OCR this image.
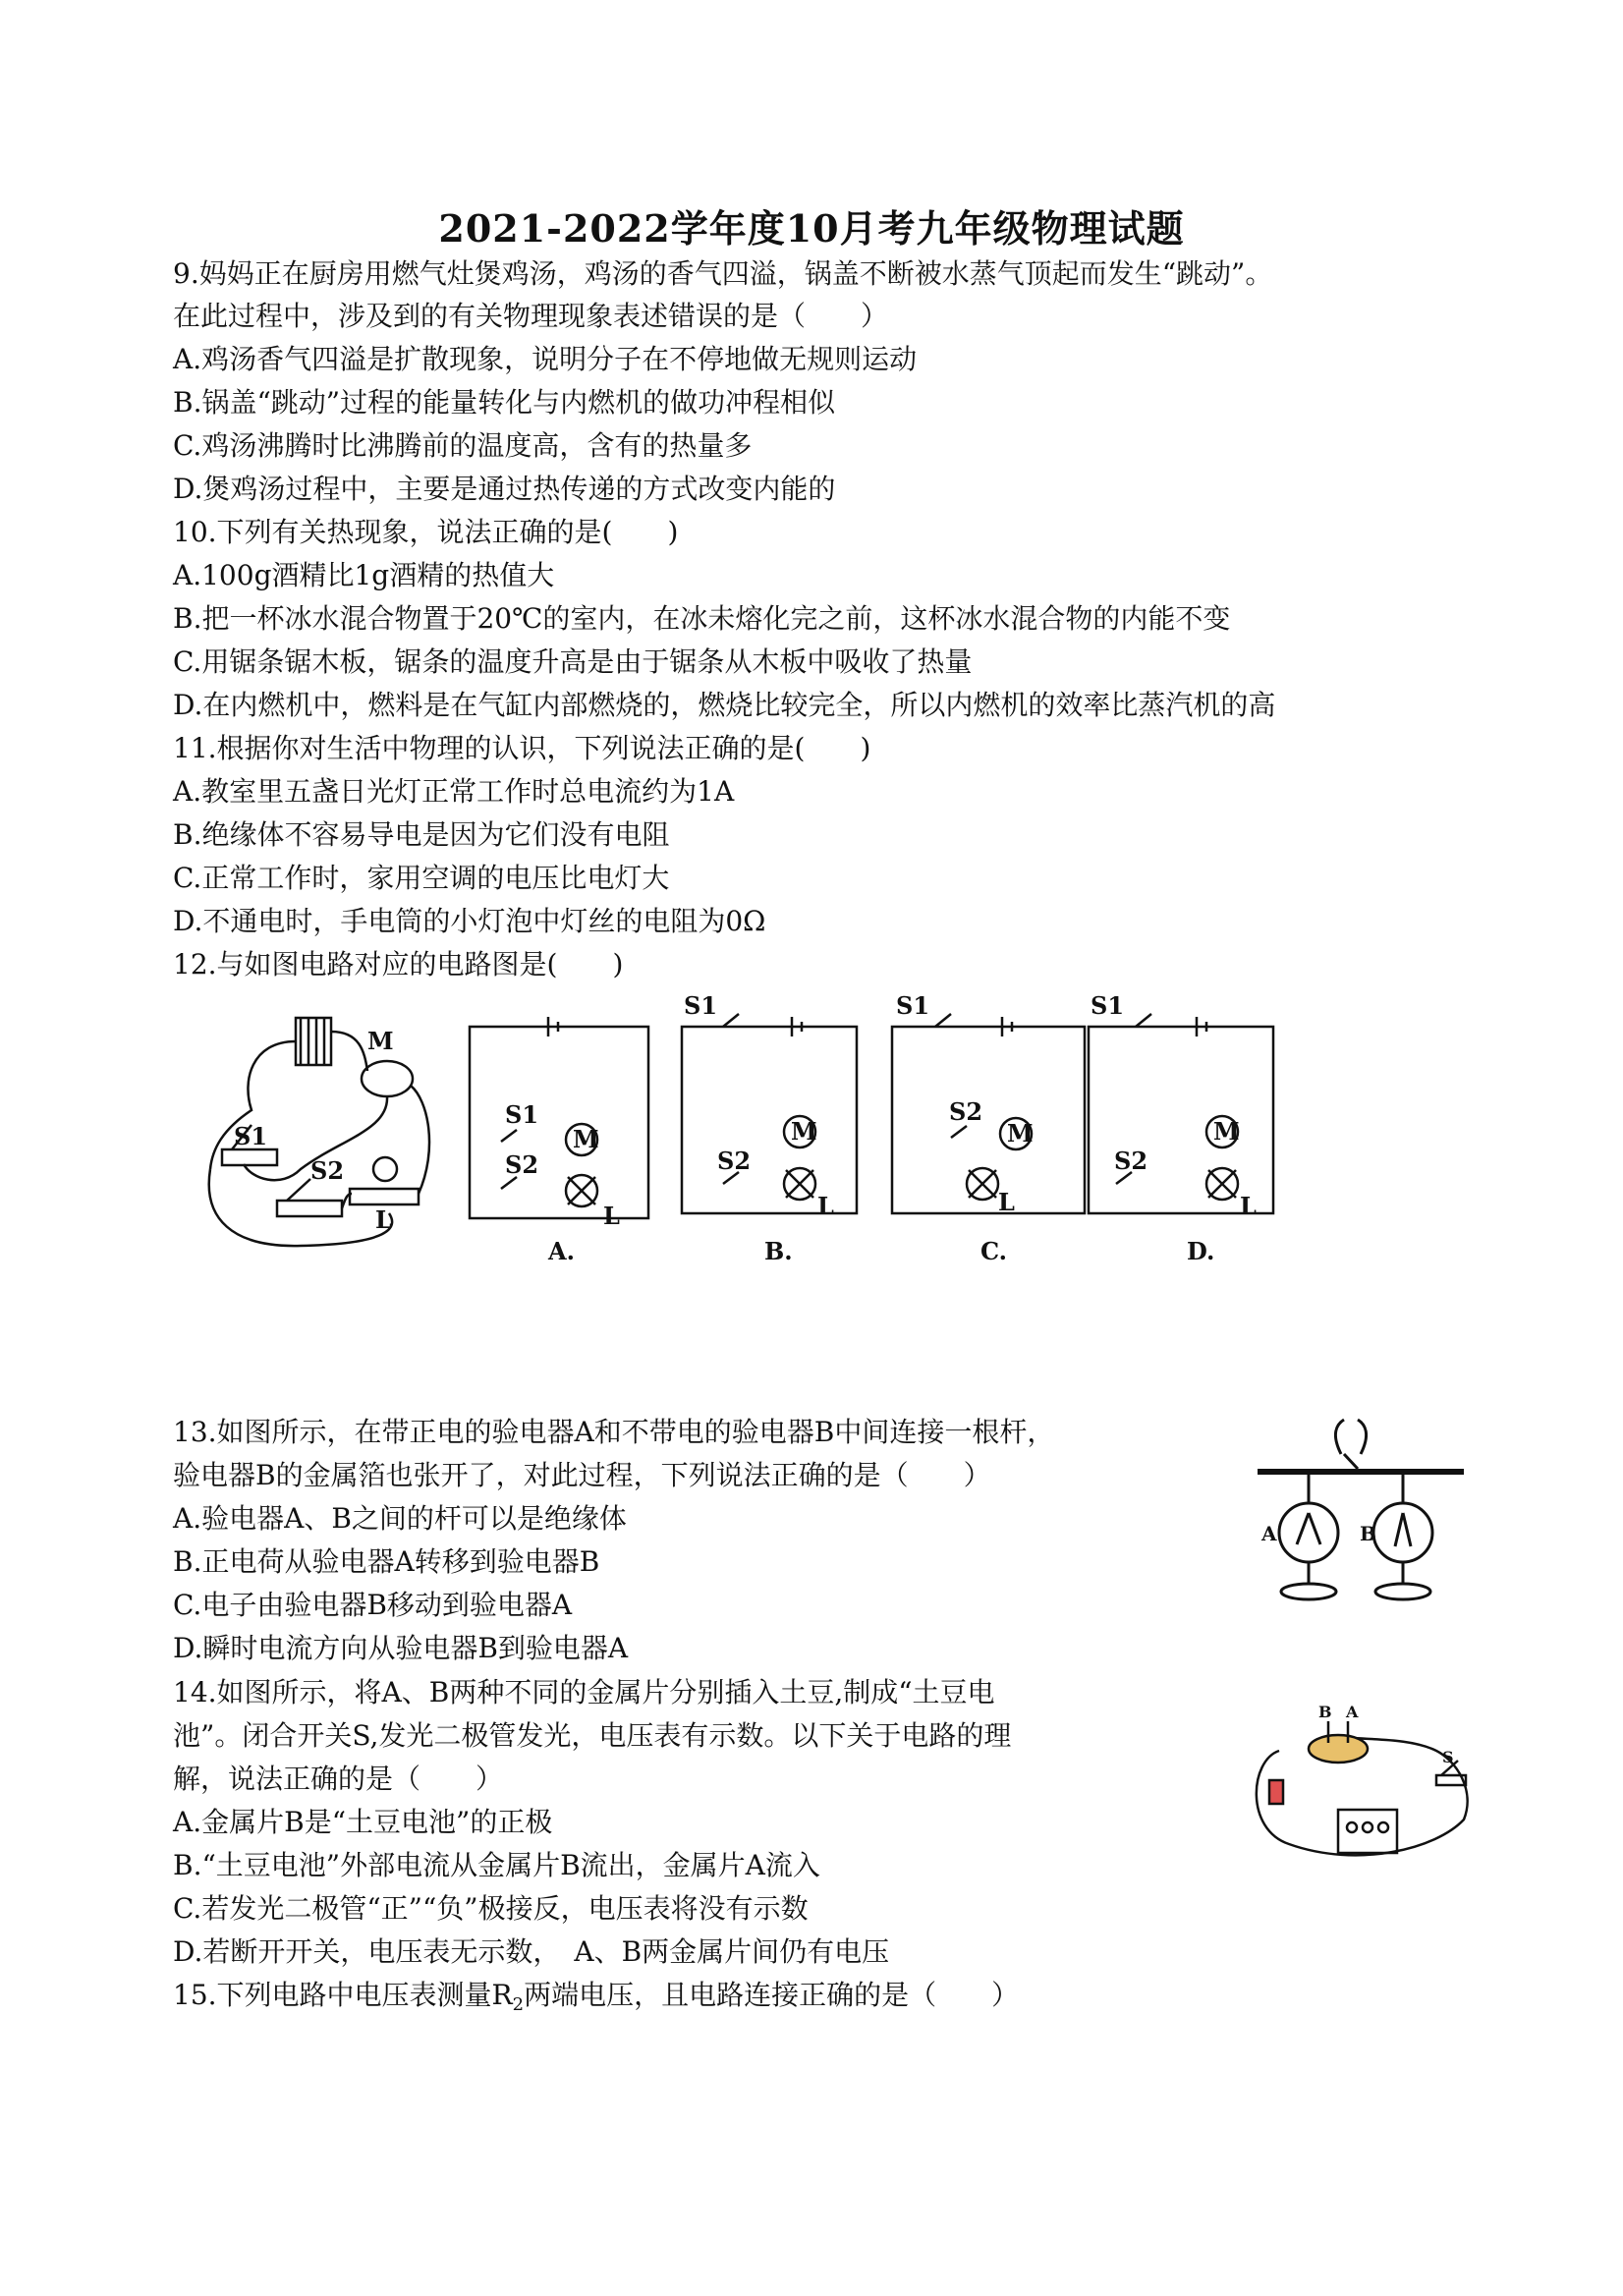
2021-2022学年度10月考九年级物理试题
9.妈妈正在厨房用燃气灶煲鸡汤，鸡汤的香气四溢，锅盖不断被水蒸气顶起而发生“跳动”。
在此过程中，涉及到的有关物理现象表述错误的是（　　）
A.鸡汤香气四溢是扩散现象，说明分子在不停地做无规则运动
B.锅盖“跳动”过程的能量转化与内燃机的做功冲程相似
C.鸡汤沸腾时比沸腾前的温度高，含有的热量多
D.煲鸡汤过程中，主要是通过热传递的方式改变内能的
10.下列有关热现象，说法正确的是(　　)
A.100g酒精比1g酒精的热值大
B.把一杯冰水混合物置于20℃的室内，在冰未熔化完之前，这杯冰水混合物的内能不变
C.用锯条锯木板，锯条的温度升高是由于锯条从木板中吸收了热量
D.在内燃机中，燃料是在气缸内部燃烧的，燃烧比较完全，所以内燃机的效率比蒸汽机的高
11.根据你对生活中物理的认识，下列说法正确的是(　　)
A.教室里五盏日光灯正常工作时总电流约为1A
B.绝缘体不容易导电是因为它们没有电阻
C.正常工作时，家用空调的电压比电灯大
D.不通电时，手电筒的小灯泡中灯丝的电阻为0Ω
12.与如图电路对应的电路图是(　　)
S1
S2
M
L
S1
S2
M
L
A.
S1
S2
M
L
B.
S1
S2
M
L
C.
S1
S2
M
L
D.
13.如图所示，在带正电的验电器A和不带电的验电器B中间连接一根杆，
验电器B的金属箔也张开了，对此过程，下列说法正确的是（　　）
A.验电器A、B之间的杆可以是绝缘体
B.正电荷从验电器A转移到验电器B
C.电子由验电器B移动到验电器A
D.瞬时电流方向从验电器B到验电器A
A	B
14.如图所示，将A、B两种不同的金属片分别插入土豆,制成“土豆电
池”。闭合开关S,发光二极管发光，电压表有示数。以下关于电路的理
解，说法正确的是（　　）
A.金属片B是“土豆电池”的正极
B.“土豆电池”外部电流从金属片B流出，金属片A流入
C.若发光二极管“正”“负”极接反，电压表将没有示数
D.若断开开关，电压表无示数，　A、B两金属片间仍有电压
B A
S
15.下列电路中电压表测量$R_2$两端电压，且电路连接正确的是（　　）
